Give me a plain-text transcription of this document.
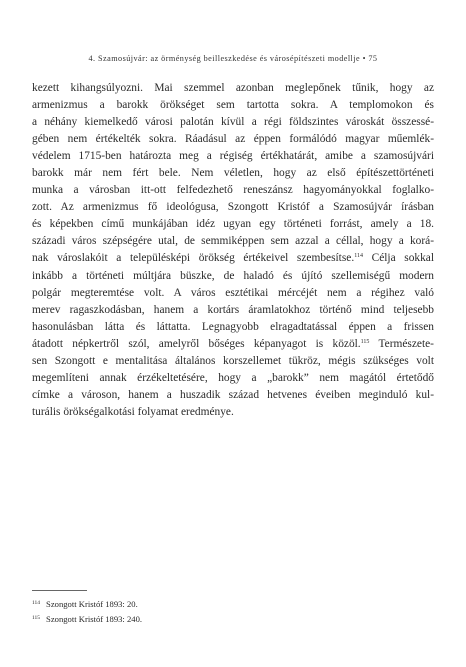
4. Szamosújvár: az örménység beilleszkedése és városépítészeti modellje • 75
kezett kihangsúlyozni. Mai szemmel azonban meglepőnek tűnik, hogy az
armenizmus a barokk örökséget sem tartotta sokra. A templomokon és
a néhány kiemelkedő városi palotán kívül a régi földszintes városkát összessé-
gében nem értékelték sokra. Ráadásul az éppen formálódó magyar műemlék-
védelem 1715-ben határozta meg a régiség értékhatárát, amibe a szamosújvári
barokk már nem fért bele. Nem véletlen, hogy az első építészettörténeti
munka a városban itt-ott felfedezhető reneszánsz hagyományokkal foglalko-
zott. Az armenizmus fő ideológusa, Szongott Kristóf a Szamosújvár írásban
és képekben című munkájában idéz ugyan egy történeti forrást, amely a 18.
századi város szépségére utal, de semmiképpen sem azzal a céllal, hogy a korá-
nak városlakóit a településképi örökség értékeivel szembesítse.$^{114}$ Célja sokkal
inkább a történeti múltjára büszke, de haladó és újító szellemiségű modern
polgár megteremtése volt. A város esztétikai mércéjét nem a régihez való
merev ragaszkodásban, hanem a kortárs áramlatokhoz történő mind teljesebb
hasonulásban látta és láttatta. Legnagyobb elragadtatással éppen a frissen
átadott népkertről szól, amelyről bőséges képanyagot is közöl.$^{115}$ Természete-
sen Szongott e mentalitása általános korszellemet tükröz, mégis szükséges volt
megemlíteni annak érzékeltetésére, hogy a „barokk” nem magától értetődő
címke a városon, hanem a huszadik század hetvenes éveiben meginduló kul-
turális örökségalkotási folyamat eredménye.
$^{114}$ Szongott Kristóf 1893: 20.
$^{115}$ Szongott Kristóf 1893: 240.
